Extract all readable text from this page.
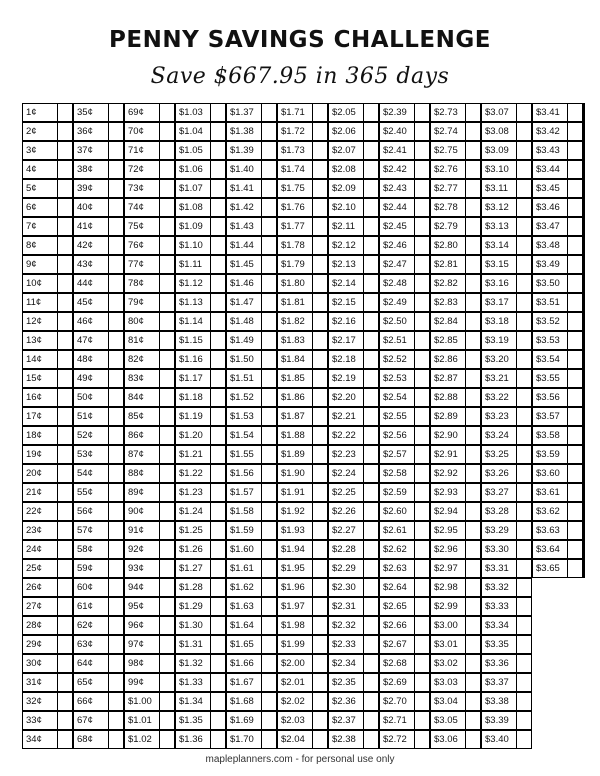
PENNY SAVINGS CHALLENGE
Save $667.95 in 365 days
1¢
2¢
3¢
4¢
5¢
6¢
7¢
8¢
9¢
10¢
11¢
12¢
13¢
14¢
15¢
16¢
17¢
18¢
19¢
20¢
21¢
22¢
23¢
24¢
25¢
26¢
27¢
28¢
29¢
30¢
31¢
32¢
33¢
34¢
35¢
36¢
37¢
38¢
39¢
40¢
41¢
42¢
43¢
44¢
45¢
46¢
47¢
48¢
49¢
50¢
51¢
52¢
53¢
54¢
55¢
56¢
57¢
58¢
59¢
60¢
61¢
62¢
63¢
64¢
65¢
66¢
67¢
68¢
69¢
70¢
71¢
72¢
73¢
74¢
75¢
76¢
77¢
78¢
79¢
80¢
81¢
82¢
83¢
84¢
85¢
86¢
87¢
88¢
89¢
90¢
91¢
92¢
93¢
94¢
95¢
96¢
97¢
98¢
99¢
$1.00
$1.01
$1.02
$1.03
$1.04
$1.05
$1.06
$1.07
$1.08
$1.09
$1.10
$1.11
$1.12
$1.13
$1.14
$1.15
$1.16
$1.17
$1.18
$1.19
$1.20
$1.21
$1.22
$1.23
$1.24
$1.25
$1.26
$1.27
$1.28
$1.29
$1.30
$1.31
$1.32
$1.33
$1.34
$1.35
$1.36
$1.37
$1.38
$1.39
$1.40
$1.41
$1.42
$1.43
$1.44
$1.45
$1.46
$1.47
$1.48
$1.49
$1.50
$1.51
$1.52
$1.53
$1.54
$1.55
$1.56
$1.57
$1.58
$1.59
$1.60
$1.61
$1.62
$1.63
$1.64
$1.65
$1.66
$1.67
$1.68
$1.69
$1.70
$1.71
$1.72
$1.73
$1.74
$1.75
$1.76
$1.77
$1.78
$1.79
$1.80
$1.81
$1.82
$1.83
$1.84
$1.85
$1.86
$1.87
$1.88
$1.89
$1.90
$1.91
$1.92
$1.93
$1.94
$1.95
$1.96
$1.97
$1.98
$1.99
$2.00
$2.01
$2.02
$2.03
$2.04
$2.05
$2.06
$2.07
$2.08
$2.09
$2.10
$2.11
$2.12
$2.13
$2.14
$2.15
$2.16
$2.17
$2.18
$2.19
$2.20
$2.21
$2.22
$2.23
$2.24
$2.25
$2.26
$2.27
$2.28
$2.29
$2.30
$2.31
$2.32
$2.33
$2.34
$2.35
$2.36
$2.37
$2.38
$2.39
$2.40
$2.41
$2.42
$2.43
$2.44
$2.45
$2.46
$2.47
$2.48
$2.49
$2.50
$2.51
$2.52
$2.53
$2.54
$2.55
$2.56
$2.57
$2.58
$2.59
$2.60
$2.61
$2.62
$2.63
$2.64
$2.65
$2.66
$2.67
$2.68
$2.69
$2.70
$2.71
$2.72
$2.73
$2.74
$2.75
$2.76
$2.77
$2.78
$2.79
$2.80
$2.81
$2.82
$2.83
$2.84
$2.85
$2.86
$2.87
$2.88
$2.89
$2.90
$2.91
$2.92
$2.93
$2.94
$2.95
$2.96
$2.97
$2.98
$2.99
$3.00
$3.01
$3.02
$3.03
$3.04
$3.05
$3.06
$3.07
$3.08
$3.09
$3.10
$3.11
$3.12
$3.13
$3.14
$3.15
$3.16
$3.17
$3.18
$3.19
$3.20
$3.21
$3.22
$3.23
$3.24
$3.25
$3.26
$3.27
$3.28
$3.29
$3.30
$3.31
$3.32
$3.33
$3.34
$3.35
$3.36
$3.37
$3.38
$3.39
$3.40
$3.41
$3.42
$3.43
$3.44
$3.45
$3.46
$3.47
$3.48
$3.49
$3.50
$3.51
$3.52
$3.53
$3.54
$3.55
$3.56
$3.57
$3.58
$3.59
$3.60
$3.61
$3.62
$3.63
$3.64
$3.65
mapleplanners.com - for personal use only
